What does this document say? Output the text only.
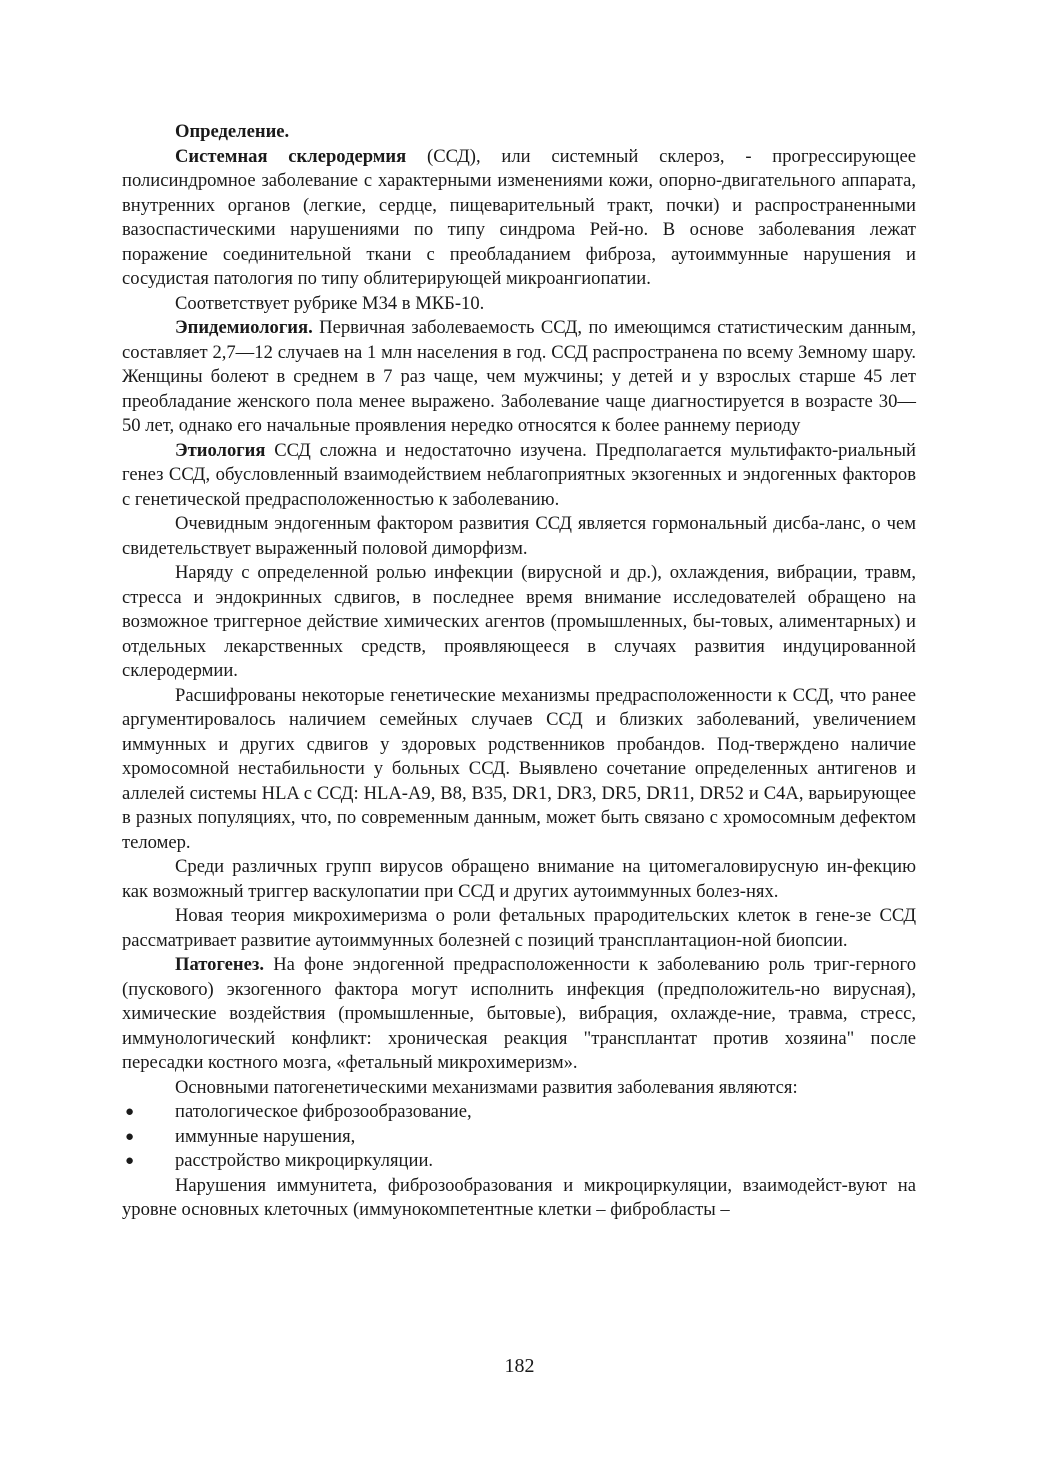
Определение.

Системная склеродермия (ССД), или системный склероз, - прогрессирующее полисиндромное заболевание с характерными изменениями кожи, опорно-двигательного аппарата, внутренних органов (легкие, сердце, пищеварительный тракт, почки) и распространенными вазоспастическими нарушениями по типу синдрома Рей-но. В основе заболевания лежат поражение соединительной ткани с преобладанием фиброза, аутоиммунные нарушения и сосудистая патология по типу облитерирующей микроангиопатии.

Соответствует рубрике М34 в МКБ-10.

Эпидемиология. Первичная заболеваемость ССД, по имеющимся статистическим данным, составляет 2,7—12 случаев на 1 млн населения в год. ССД распространена по всему Земному шару. Женщины болеют в среднем в 7 раз чаще, чем мужчины; у детей и у взрослых старше 45 лет преобладание женского пола менее выражено. Заболевание чаще диагностируется в возрасте 30—50 лет, однако его начальные проявления нередко относятся к более раннему периоду

Этиология ССД сложна и недостаточно изучена. Предполагается мультифакто-риальный генез ССД, обусловленный взаимодействием неблагоприятных экзогенных и эндогенных факторов с генетической предрасположенностью к заболеванию.

Очевидным эндогенным фактором развития ССД является гормональный дисба-ланс, о чем свидетельствует выраженный половой диморфизм.

Наряду с определенной ролью инфекции (вирусной и др.), охлаждения, вибрации, травм, стресса и эндокринных сдвигов, в последнее время внимание исследователей обращено на возможное триггерное действие химических агентов (промышленных, бы-товых, алиментарных) и отдельных лекарственных средств, проявляющееся в случаях развития индуцированной склеродермии.

Расшифрованы некоторые генетические механизмы предрасположенности к ССД, что ранее аргументировалось наличием семейных случаев ССД и близких заболеваний, увеличением иммунных и других сдвигов у здоровых родственников пробандов. Под-тверждено наличие хромосомной нестабильности у больных ССД. Выявлено сочетание определенных антигенов и аллелей системы HLA с ССД: HLA-A9, B8, B35, DR1, DR3, DR5, DR11, DR52 и C4A, варьирующее в разных популяциях, что, по современным данным, может быть связано с хромосомным дефектом теломер.

Среди различных групп вирусов обращено внимание на цитомегаловирусную ин-фекцию как возможный триггер васкулопатии при ССД и других аутоиммунных болез-нях.

Новая теория микрохимеризма о роли фетальных прародительских клеток в гене-зе ССД рассматривает развитие аутоиммунных болезней с позиций трансплантацион-ной биопсии.

Патогенез. На фоне эндогенной предрасположенности к заболеванию роль триг-герного (пускового) экзогенного фактора могут исполнить инфекция (предположитель-но вирусная), химические воздействия (промышленные, бытовые), вибрация, охлажде-ние, травма, стресс, иммунологический конфликт: хроническая реакция "трансплантат против хозяина" после пересадки костного мозга, «фетальный микрохимеризм».

Основными патогенетическими механизмами развития заболевания являются:

● патологическое фиброзообразование,
● иммунные нарушения,
● расстройство микроциркуляции.

Нарушения иммунитета, фиброзообразования и микроциркуляции, взаимодейст-вуют на уровне основных клеточных (иммунокомпетентные клетки – фибробласты –

182
